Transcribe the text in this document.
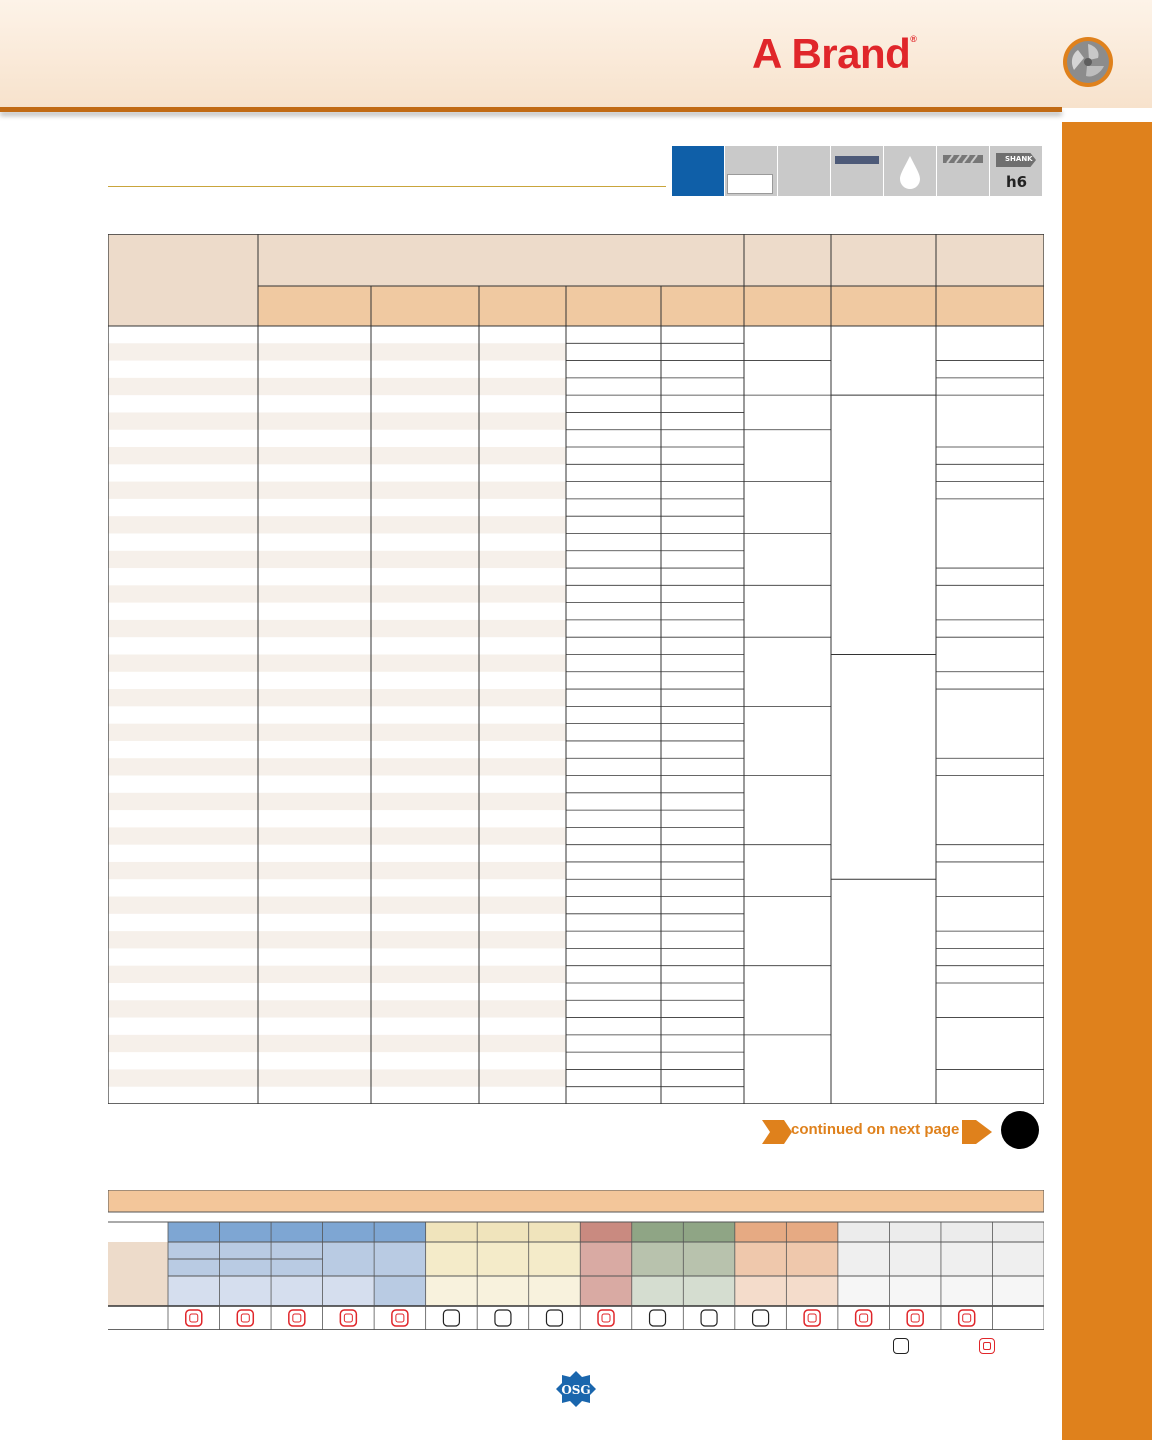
A Brand®
SHANK
h6
continued on next page
OSG
